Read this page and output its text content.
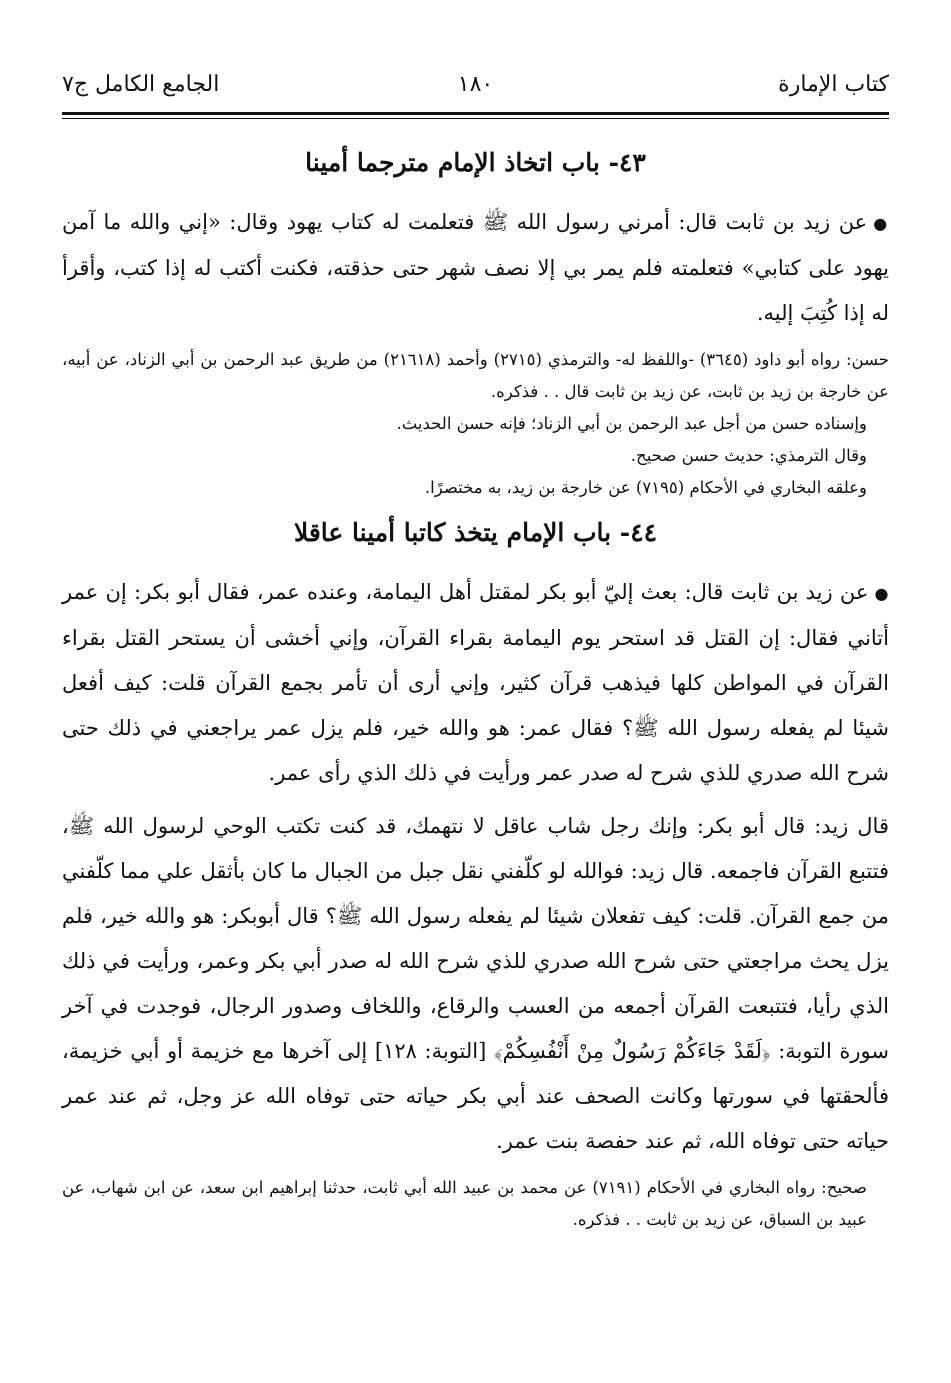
كتاب الإمارة
١٨٠
الجامع الكامل ج٧
٤٣- باب اتخاذ الإمام مترجما أمينا

●عن زيد بن ثابت قال: أمرني رسول الله ﷺ فتعلمت له كتاب يهود وقال: «إني والله ما آمن يهود على كتابي» فتعلمته فلم يمر بي إلا نصف شهر حتى حذقته، فكنت أكتب له إذا كتب، وأقرأ له إذا كُتِبَ إليه.

حسن: رواه أبو داود (٣٦٤٥) -واللفظ له- والترمذي (٢٧١٥) وأحمد (٢١٦١٨) من طريق عبد الرحمن بن أبي الزناد، عن أبيه، عن خارجة بن زيد بن ثابت، عن زيد بن ثابت قال . . فذكره.

وإسناده حسن من أجل عبد الرحمن بن أبي الزناد؛ فإنه حسن الحديث.

وقال الترمذي: حديث حسن صحيح.

وعلقه البخاري في الأحكام (٧١٩٥) عن خارجة بن زيد، به مختصرًا.

٤٤- باب الإمام يتخذ كاتبا أمينا عاقلا

●عن زيد بن ثابت قال: بعث إليّ أبو بكر لمقتل أهل اليمامة، وعنده عمر، فقال أبو بكر: إن عمر أتاني فقال: إن القتل قد استحر يوم اليمامة بقراء القرآن، وإني أخشى أن يستحر القتل بقراء القرآن في المواطن كلها فيذهب قرآن كثير، وإني أرى أن تأمر بجمع القرآن قلت: كيف أفعل شيئا لم يفعله رسول الله ﷺ؟ فقال عمر: هو والله خير، فلم يزل عمر يراجعني في ذلك حتى شرح الله صدري للذي شرح له صدر عمر ورأيت في ذلك الذي رأى عمر.

قال زيد: قال أبو بكر: وإنك رجل شاب عاقل لا نتهمك، قد كنت تكتب الوحي لرسول الله ﷺ، فتتبع القرآن فاجمعه. قال زيد: فوالله لو كلّفني نقل جبل من الجبال ما كان بأثقل علي مما كلّفني من جمع القرآن. قلت: كيف تفعلان شيئا لم يفعله رسول الله ﷺ؟ قال أبوبكر: هو والله خير، فلم يزل يحث مراجعتي حتى شرح الله صدري للذي شرح الله له صدر أبي بكر وعمر، ورأيت في ذلك الذي رأيا، فتتبعت القرآن أجمعه من العسب والرقاع، واللخاف وصدور الرجال، فوجدت في آخر سورة التوبة: ﴿لَقَدْ جَاءَكُمْ رَسُولٌ مِنْ أَنْفُسِكُمْ﴾ [التوبة: ١٢٨] إلى آخرها مع خزيمة أو أبي خزيمة، فألحقتها في سورتها وكانت الصحف عند أبي بكر حياته حتى توفاه الله عز وجل، ثم عند عمر حياته حتى توفاه الله، ثم عند حفصة بنت عمر.

صحيح: رواه البخاري في الأحكام (٧١٩١) عن محمد بن عبيد الله أبي ثابت، حدثنا إبراهيم ابن سعد، عن ابن شهاب، عن عبيد بن السباق، عن زيد بن ثابت . . فذكره.
